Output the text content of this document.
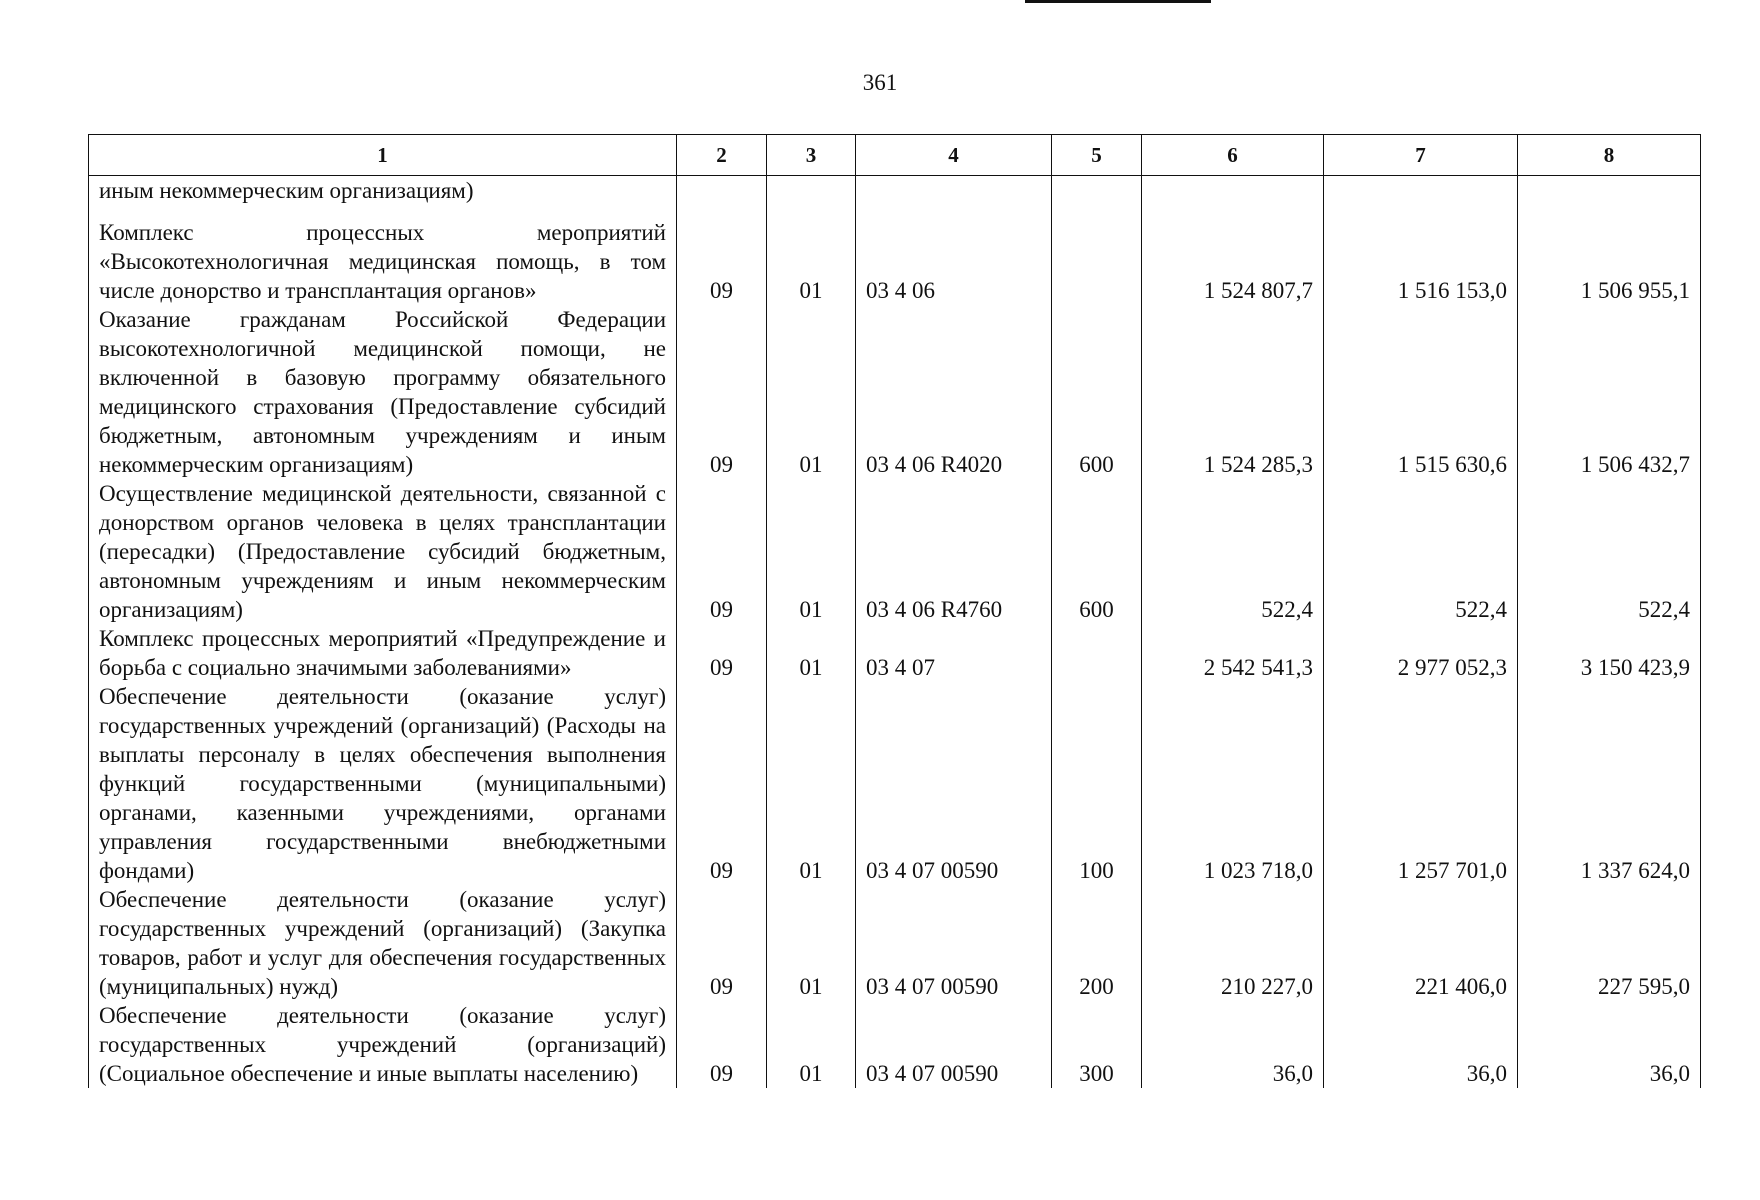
361
1	2	3	4	5	6	7	8
иным некоммерческим организациям)							
Комплекс процессных мероприятий «Высокотехнологичная медицинская помощь, в том числе донорство и трансплантация органов»	09	01	03 4 06		1 524 807,7	1 516 153,0	1 506 955,1
Оказание гражданам Российской Федерации высокотехнологичной медицинской помощи, не включенной в базовую программу обязательного медицинского страхования (Предоставление субсидий бюджетным, автономным учреждениям и иным некоммерческим организациям)	09	01	03 4 06 R4020	600	1 524 285,3	1 515 630,6	1 506 432,7
Осуществление медицинской деятельности, связанной с донорством органов человека в целях трансплантации (пересадки) (Предоставление субсидий бюджетным, автономным учреждениям и иным некоммерческим организациям)	09	01	03 4 06 R4760	600	522,4	522,4	522,4
Комплекс процессных мероприятий «Предупреждение и борьба с социально значимыми заболеваниями»	09	01	03 4 07		2 542 541,3	2 977 052,3	3 150 423,9
Обеспечение деятельности (оказание услуг) государственных учреждений (организаций) (Расходы на выплаты персоналу в целях обеспечения выполнения функций государственными (муниципальными) органами, казенными учреждениями, органами управления государственными внебюджетными фондами)	09	01	03 4 07 00590	100	1 023 718,0	1 257 701,0	1 337 624,0
Обеспечение деятельности (оказание услуг) государственных учреждений (организаций) (Закупка товаров, работ и услуг для обеспечения государственных (муниципальных) нужд)	09	01	03 4 07 00590	200	210 227,0	221 406,0	227 595,0
Обеспечение деятельности (оказание услуг) государственных учреждений (организаций) (Социальное обеспечение и иные выплаты населению)	09	01	03 4 07 00590	300	36,0	36,0	36,0
